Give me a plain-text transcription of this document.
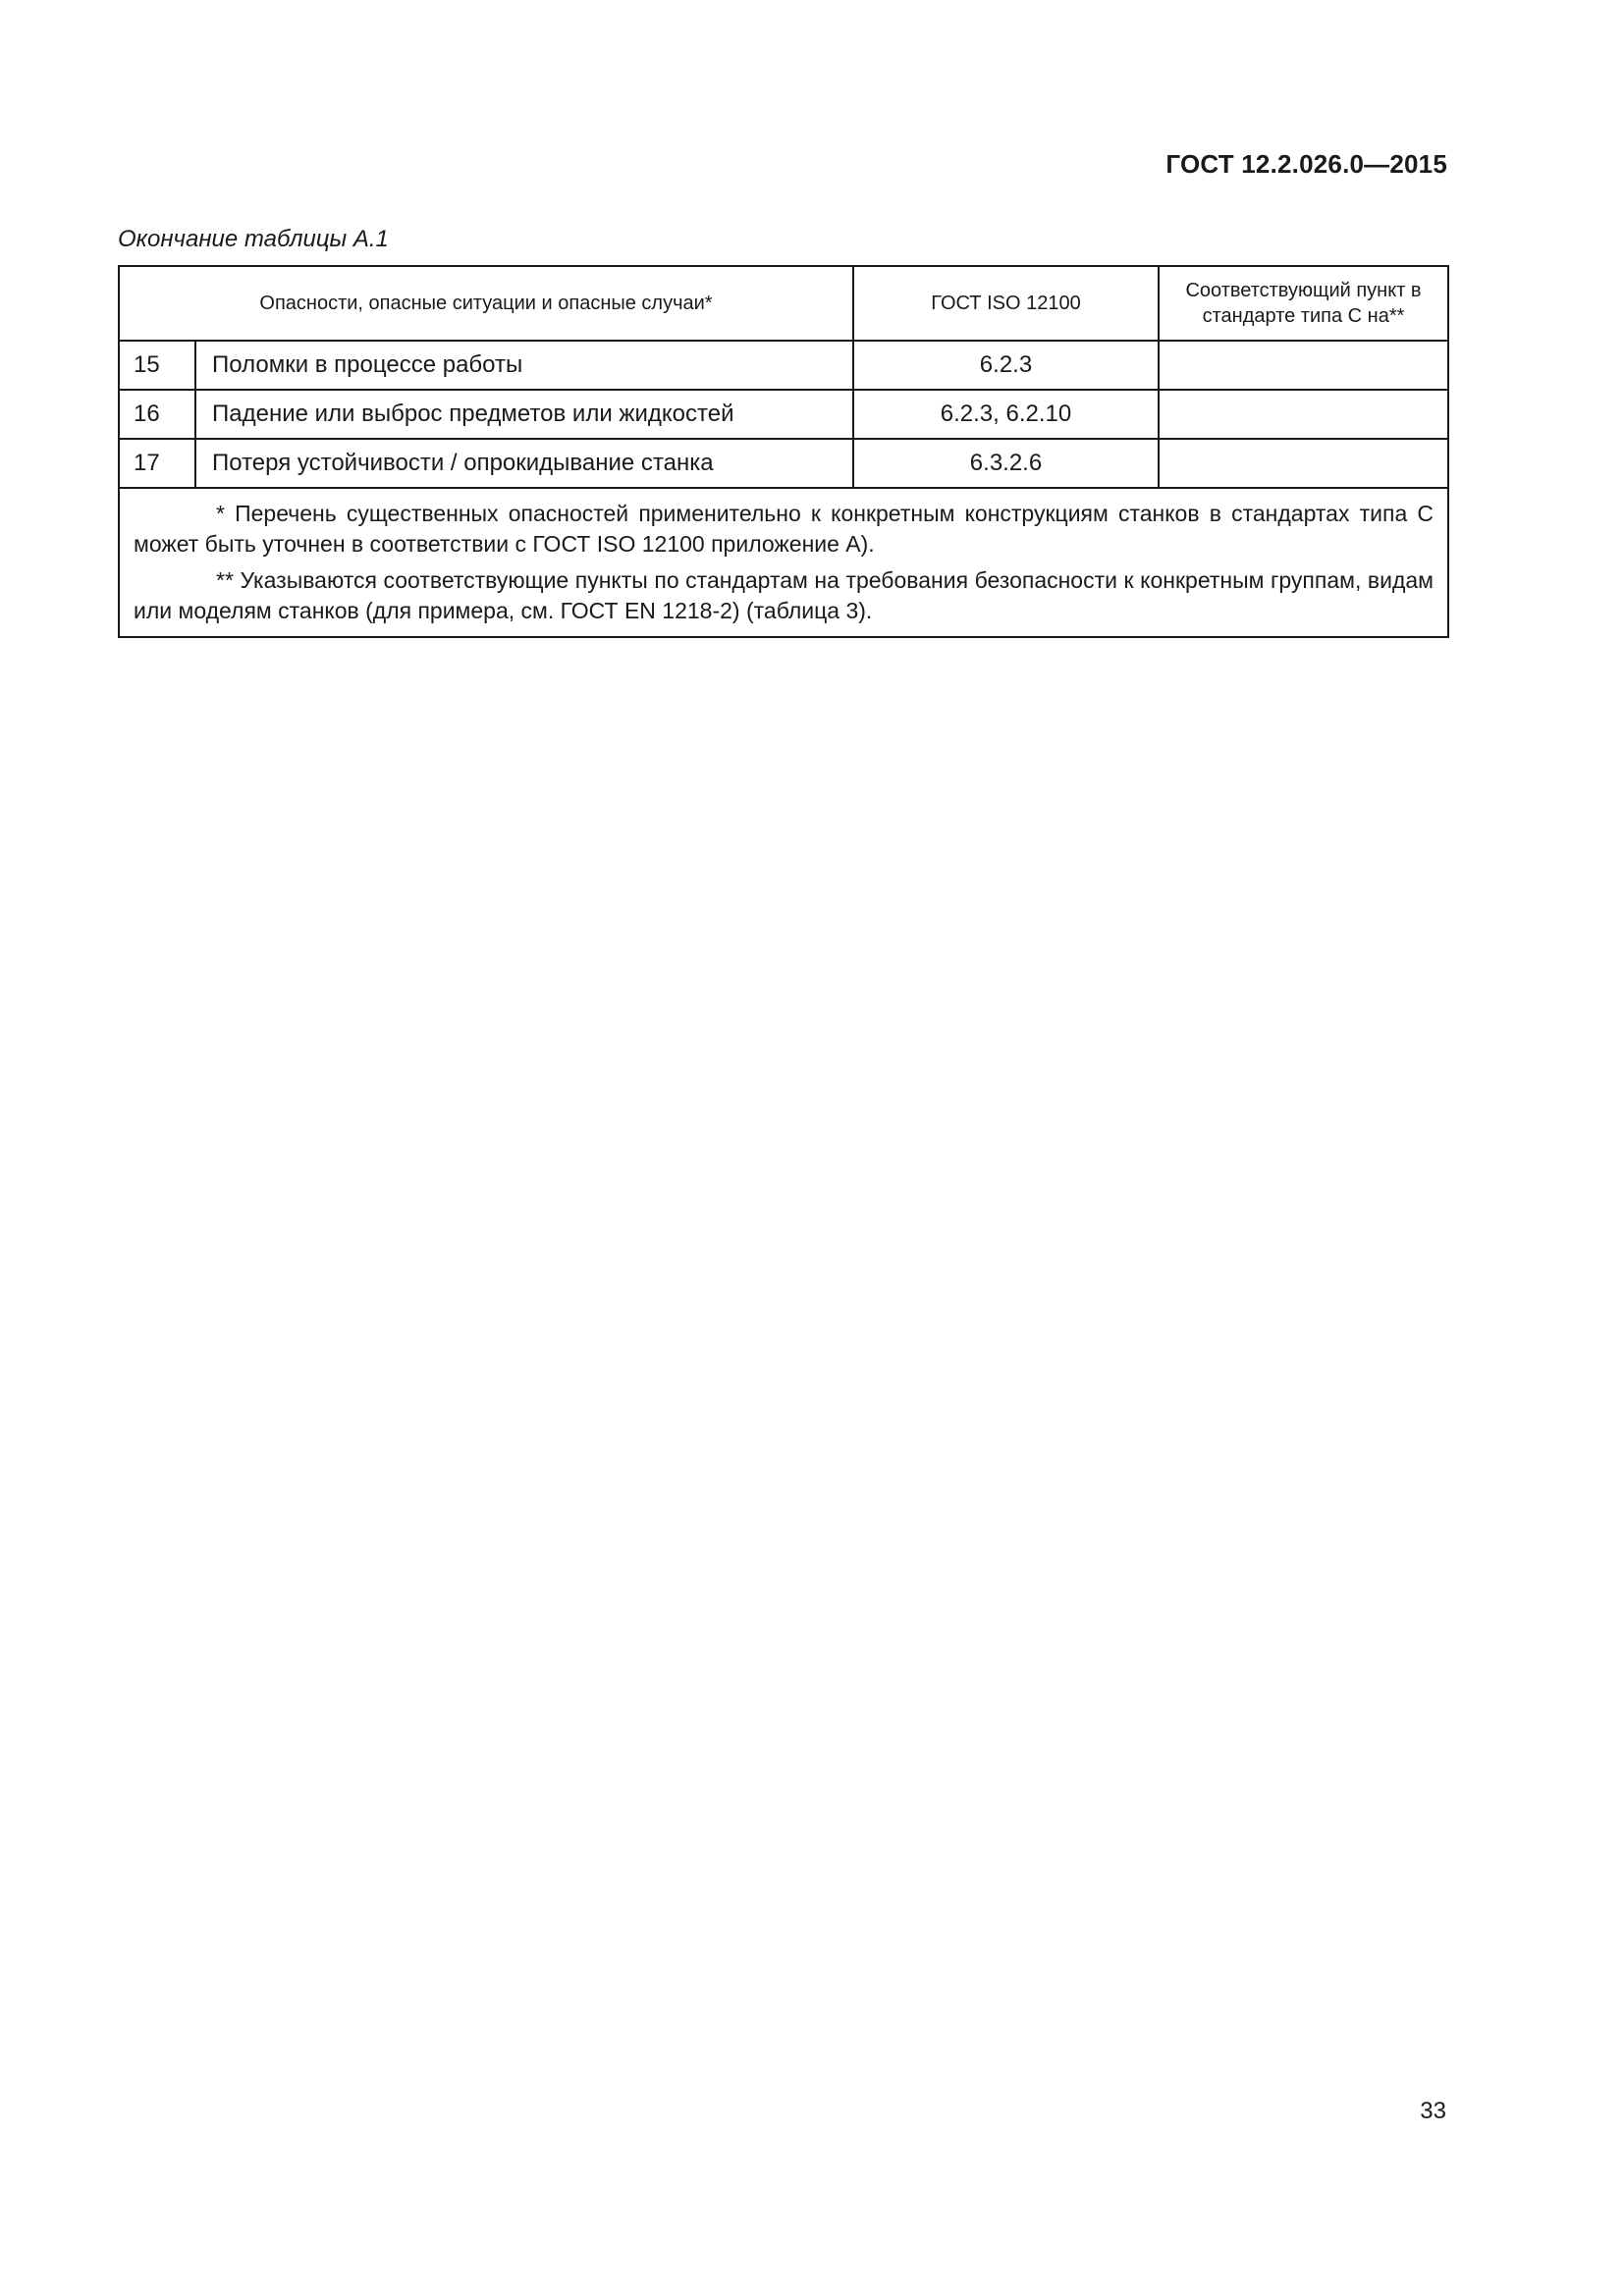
ГОСТ 12.2.026.0—2015
Окончание таблицы А.1
Опасности, опасные ситуации и опасные случаи*		ГОСТ ISO 12100	Соответствующий пункт в стандарте типа С на**
15	Поломки в процессе работы	6.2.3	
16	Падение или выброс предметов или жидкостей	6.2.3, 6.2.10	
17	Потеря устойчивости / опрокидывание станка	6.3.2.6	

* Перечень существенных опасностей применительно к конкретным конструкциям станков в стандартах типа С может быть уточнен в соответствии с ГОСТ ISO 12100 приложение А).

** Указываются соответствующие пункты по стандартам на требования безопасности к конкретным группам, видам или моделям станков (для примера, см. ГОСТ EN 1218-2) (таблица 3).			

33
